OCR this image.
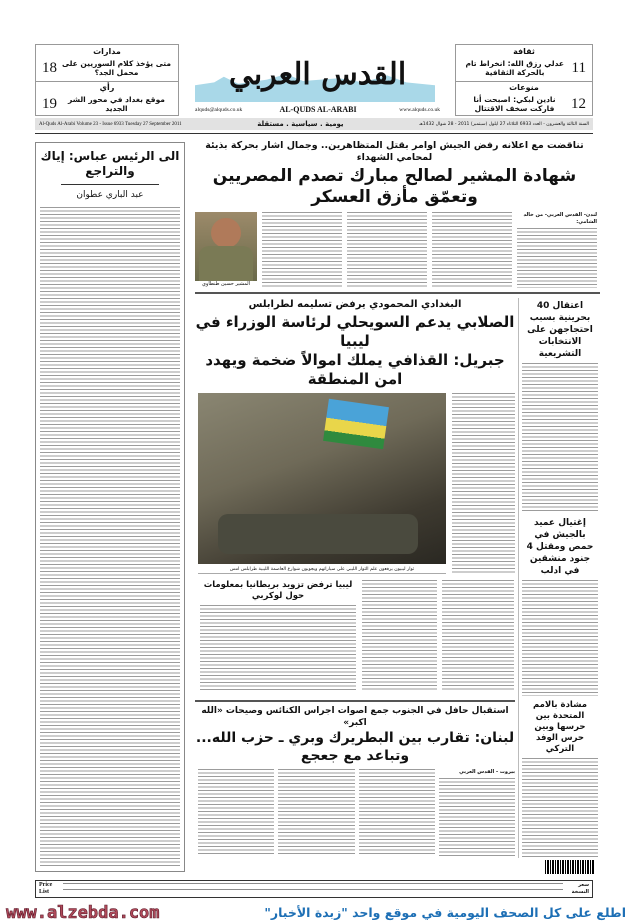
مدارات
متى يؤخذ كلام السوريين على محمل الجد؟
18
رأي
موقع بغداد في محور الشر الجديد
19
ثقافة
11
عدلي رزق الله: انخراط تام بالحركة الثقافية
منوعات
12
نادين لبكي: اصبحت أنا فاركت سخف الاقتتال
القدس العربي
AL-QUDS AL-ARABI
alquds@alquds.co.uk	www.alquds.co.uk
Al-Quds Al-Arabi Volume 23 - Issue 6933 Tuesday 27 September 2011	يومية . سياسية . مستقلة	السنة الثالثة والعشرون - العدد 6933 الثلاثاء 27 ايلول (سبتمبر) 2011 - 28 شوال 1432هـ
الى الرئيس عباس: إياك والتراجع
عبد الباري عطوان
تناقضت مع اعلانه رفض الجيش اوامر بقتل المتظاهرين.. وجمال اشار بحركة بذيئة لمحامي الشهداء
شهادة المشير لصالح مبارك تصدم المصريين وتعمّق مأزق العسكر
المشير حسين طنطاوي
لندن- القدس العربي- من خالد الشامي:
اعتقال 40 بحرينية بسبب احتجاجهن على الانتخابات التشريعية
إغتيال عميد بالجيش في حمص ومقتل 4 جنود منشقين في ادلب
مشادة بالامم المتحدة بين حرسها وبين حرس الوفد التركي
البغدادي المحمودي يرفض تسليمه لطرابلس
الصلابي يدعم السويحلي لرئاسة الوزراء في ليبيا
جبريل: القذافي يملك اموالاً ضخمة ويهدد امن المنطقة
ثوار ليبيون يرفعون علم الثوار الليبي على سياراتهم ويجوبون شوارع العاصمة الليبية طرابلس امس
ليبيا ترفض تزويد بريطانيا بمعلومات حول لوكربي
استقبال حافل في الجنوب جمع اصوات اجراس الكنائس وصيحات «الله اكبر»
لبنان: تقارب بين البطريرك وبري ـ حزب الله... وتباعد مع جعجع
بيروت - القدس العربي
Price List
سعر النسخة
www.alzebda.com	اطلع على كل الصحف اليومية في موقع واحد "زبدة الأخبار"
